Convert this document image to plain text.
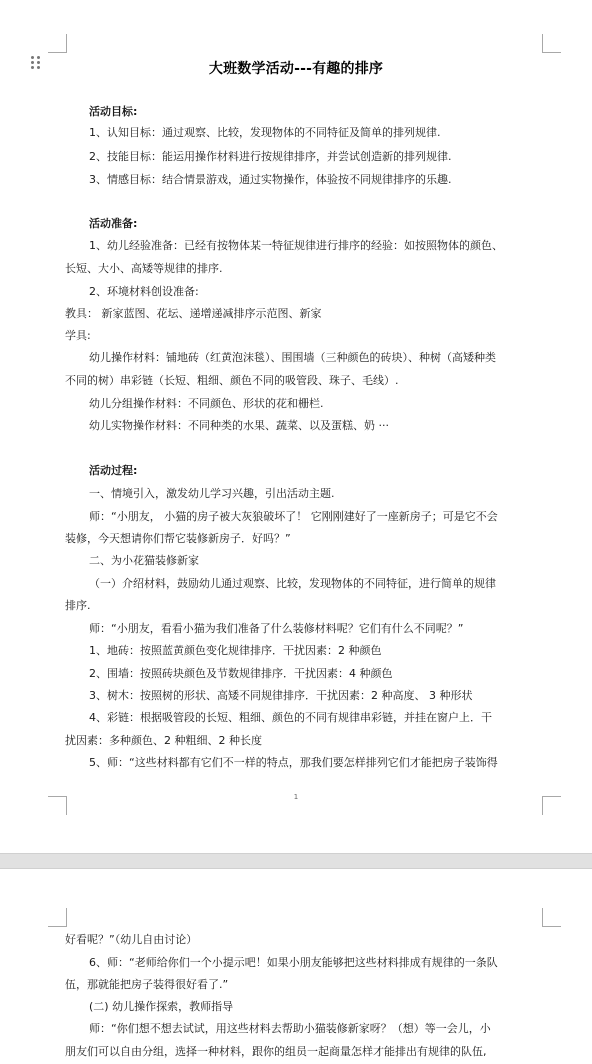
大班数学活动---有趣的排序
活动目标:
1、认知目标：通过观察、比较，发现物体的不同特征及简单的排列规律.
2、技能目标：能运用操作材料进行按规律排序，并尝试创造新的排列规律.
3、情感目标：结合情景游戏，通过实物操作，体验按不同规律排序的乐趣.
活动准备:
1、幼儿经验准备：已经有按物体某一特征规律进行排序的经验：如按照物体的颜色、
长短、大小、高矮等规律的排序.
2、环境材料创设准备:
教具： 新家蓝图、花坛、递增递减排序示范图、新家
学具:
幼儿操作材料：铺地砖（红黄泡沫毯）、围围墙（三种颜色的砖块）、种树（高矮种类
不同的树）串彩链（长短、粗细、颜色不同的吸管段、珠子、毛线）.
幼儿分组操作材料：不同颜色、形状的花和栅栏.
幼儿实物操作材料：不同种类的水果、蔬菜、以及蛋糕、奶 ···
活动过程:
一、情境引入，激发幼儿学习兴趣，引出活动主题.
师：“小朋友， 小猫的房子被大灰狼破坏了！ 它刚刚建好了一座新房子；可是它不会
装修，今天想请你们帮它装修新房子．好吗？”
二、为小花猫装修新家
（一）介绍材料，鼓励幼儿通过观察、比较，发现物体的不同特征，进行简单的规律
排序.
师：“小朋友，看看小猫为我们准备了什么装修材料呢？它们有什么不同呢？”
1、地砖：按照蓝黄颜色变化规律排序．干扰因素：2 种颜色
2、围墙：按照砖块颜色及节数规律排序．干扰因素：4 种颜色
3、树木：按照树的形状、高矮不同规律排序．干扰因素：2 种高度、 3 种形状
4、彩链：根据吸管段的长短、粗细、颜色的不同有规律串彩链，并挂在窗户上．干
扰因素：多种颜色、2 种粗细、2 种长度
5、师：“这些材料都有它们不一样的特点，那我们要怎样排列它们才能把房子装饰得
1
好看呢？”（幼儿自由讨论）
6、师：“老师给你们一个小提示吧！如果小朋友能够把这些材料排成有规律的一条队
伍，那就能把房子装得很好看了.”
(二) 幼儿操作探索，教师指导
师：“你们想不想去试试，用这些材料去帮助小猫装修新家呀？（想）等一会儿，小
朋友们可以自由分组，选择一种材料，跟你的组员一起商量怎样才能排出有规律的队伍,
